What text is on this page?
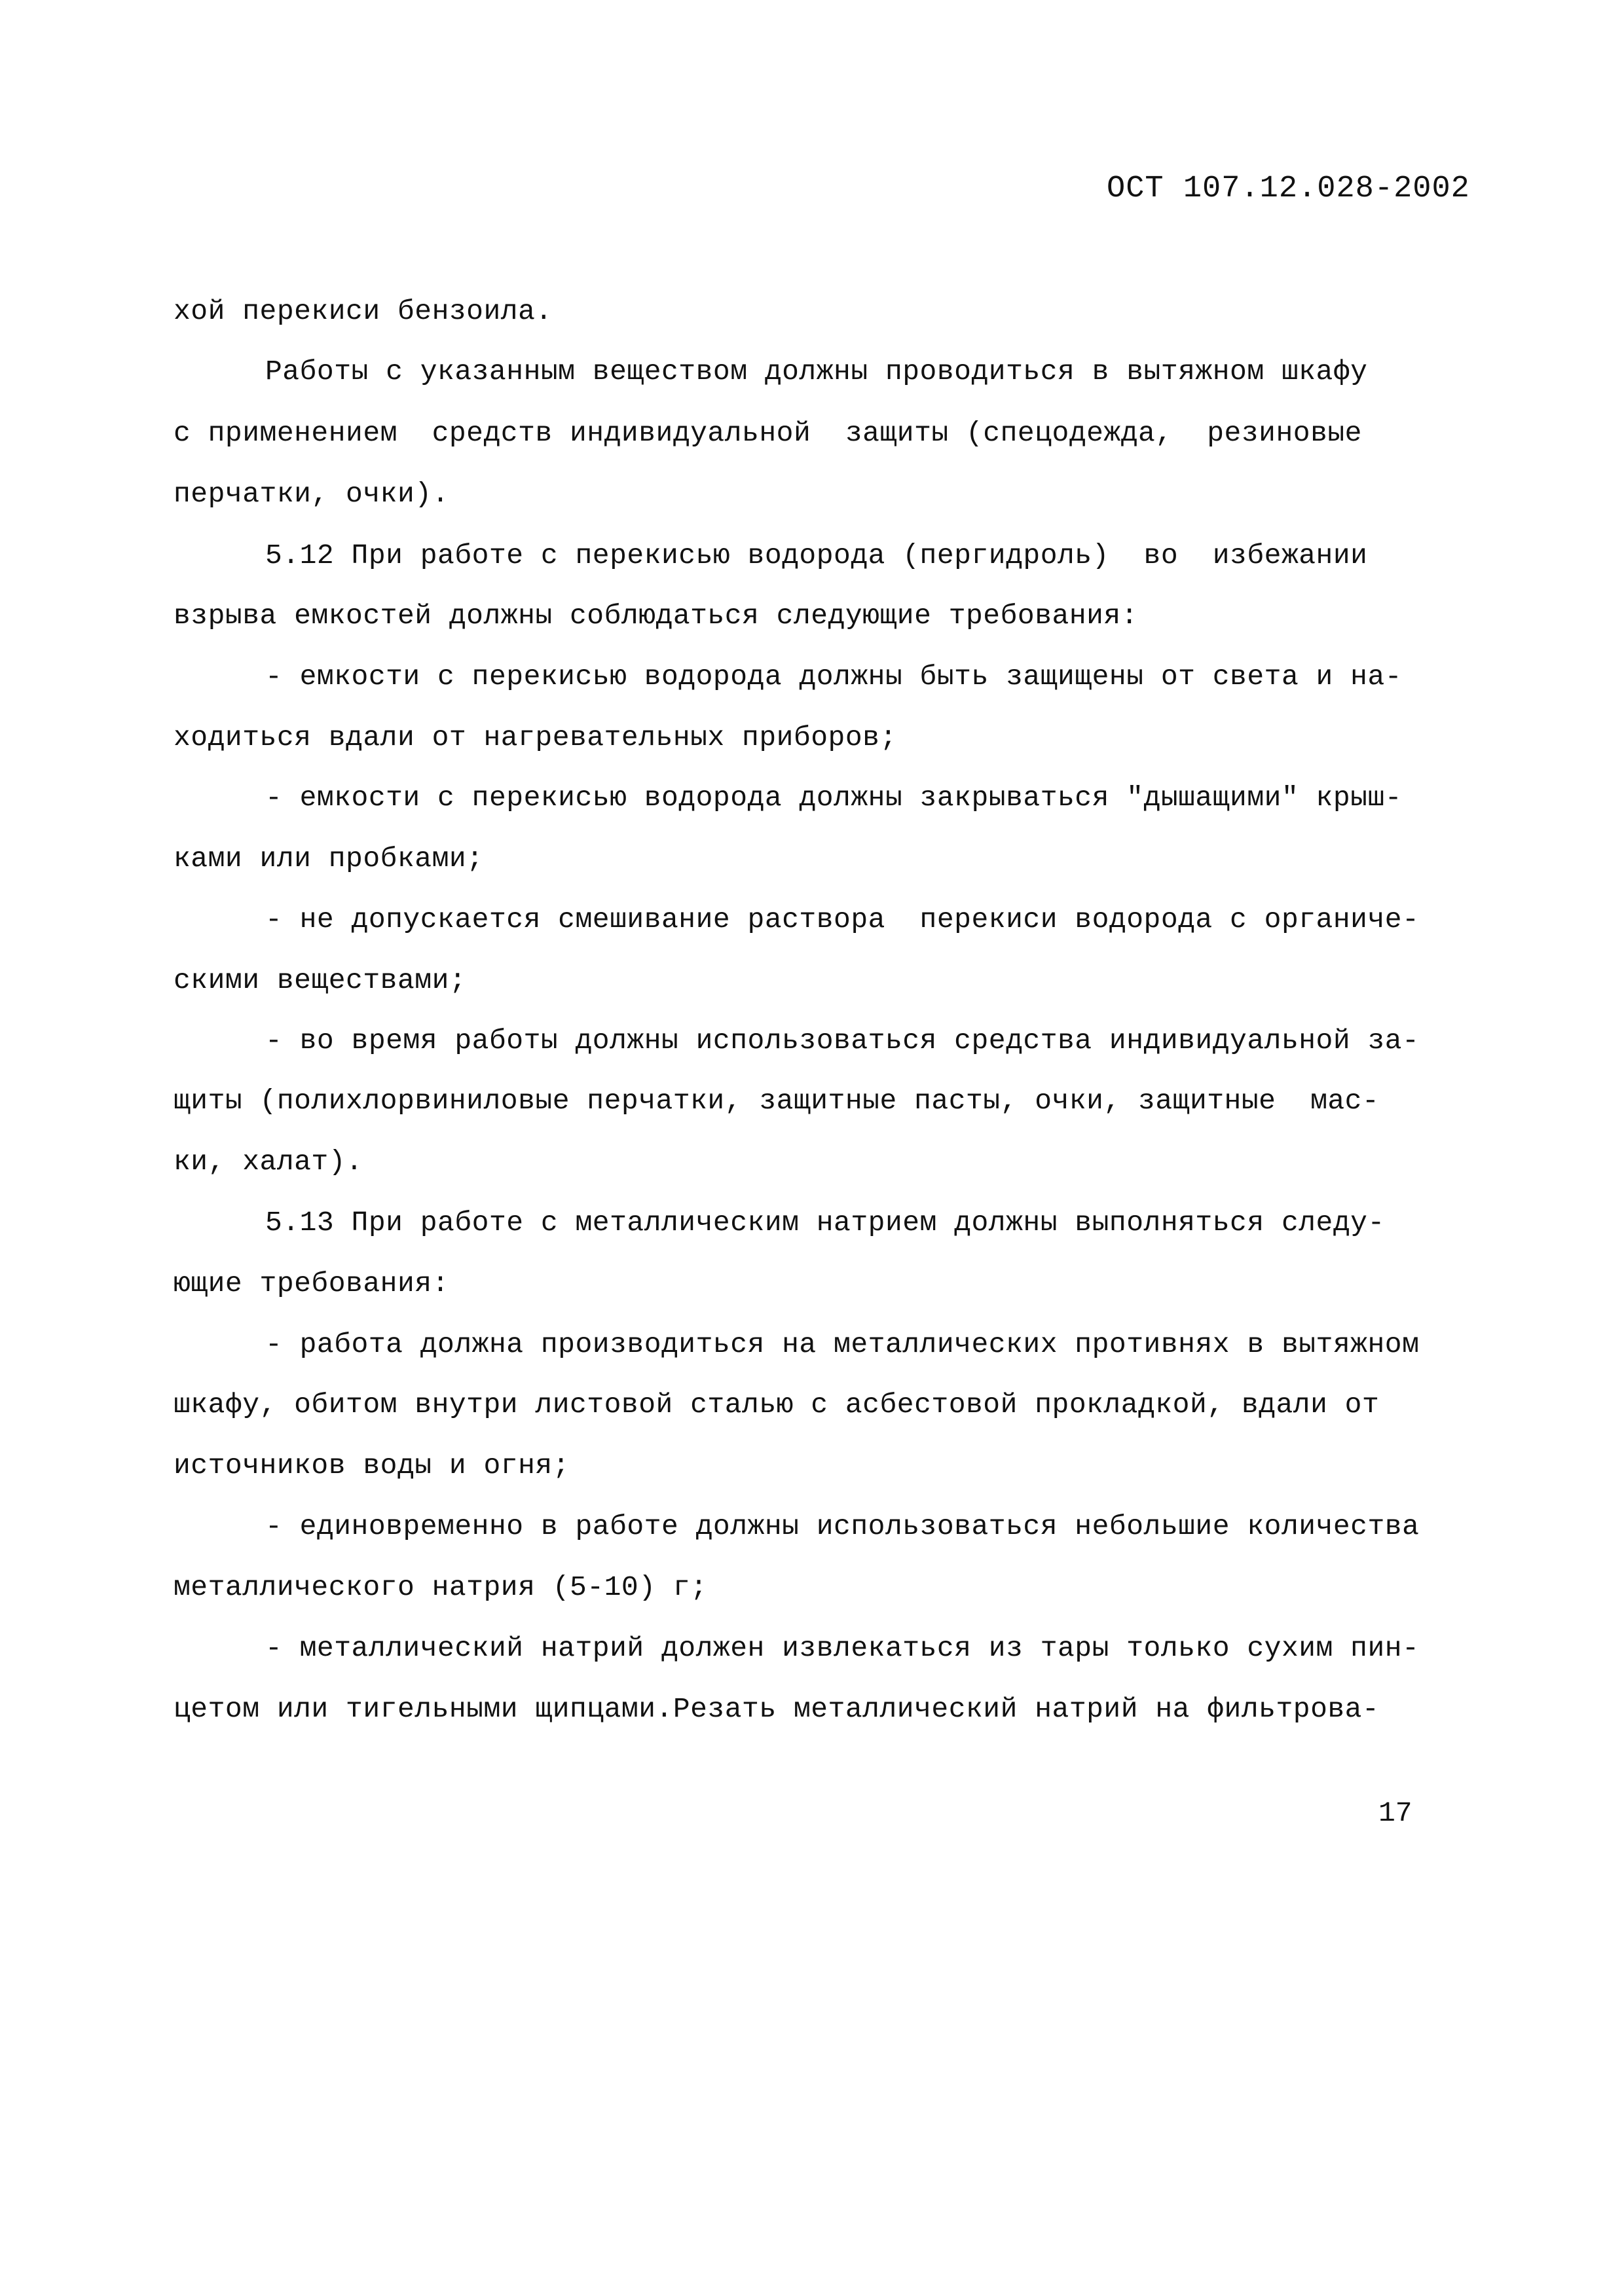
ОСТ 107.12.028-2002
хой перекиси бензоила.
Работы с указанным веществом должны проводиться в вытяжном шкафу
с применением  средств индивидуальной  защиты (спецодежда,  резиновые
перчатки, очки).
5.12 При работе с перекисью водорода (пергидроль)  во  избежании
взрыва емкостей должны соблюдаться следующие требования:
- емкости с перекисью водорода должны быть защищены от света и на-
ходиться вдали от нагревательных приборов;
- емкости с перекисью водорода должны закрываться "дышащими" крыш-
ками или пробками;
- не допускается смешивание раствора  перекиси водорода с органиче-
скими веществами;
- во время работы должны использоваться средства индивидуальной за-
щиты (полихлорвиниловые перчатки, защитные пасты, очки, защитные  мас-
ки, халат).
5.13 При работе с металлическим натрием должны выполняться следу-
ющие требования:
- работа должна производиться на металлических противнях в вытяжном
шкафу, обитом внутри листовой сталью с асбестовой прокладкой, вдали от
источников воды и огня;
- единовременно в работе должны использоваться небольшие количества
металлического натрия (5-10) г;
- металлический натрий должен извлекаться из тары только сухим пин-
цетом или тигельными щипцами.Резать металлический натрий на фильтрова-
17
